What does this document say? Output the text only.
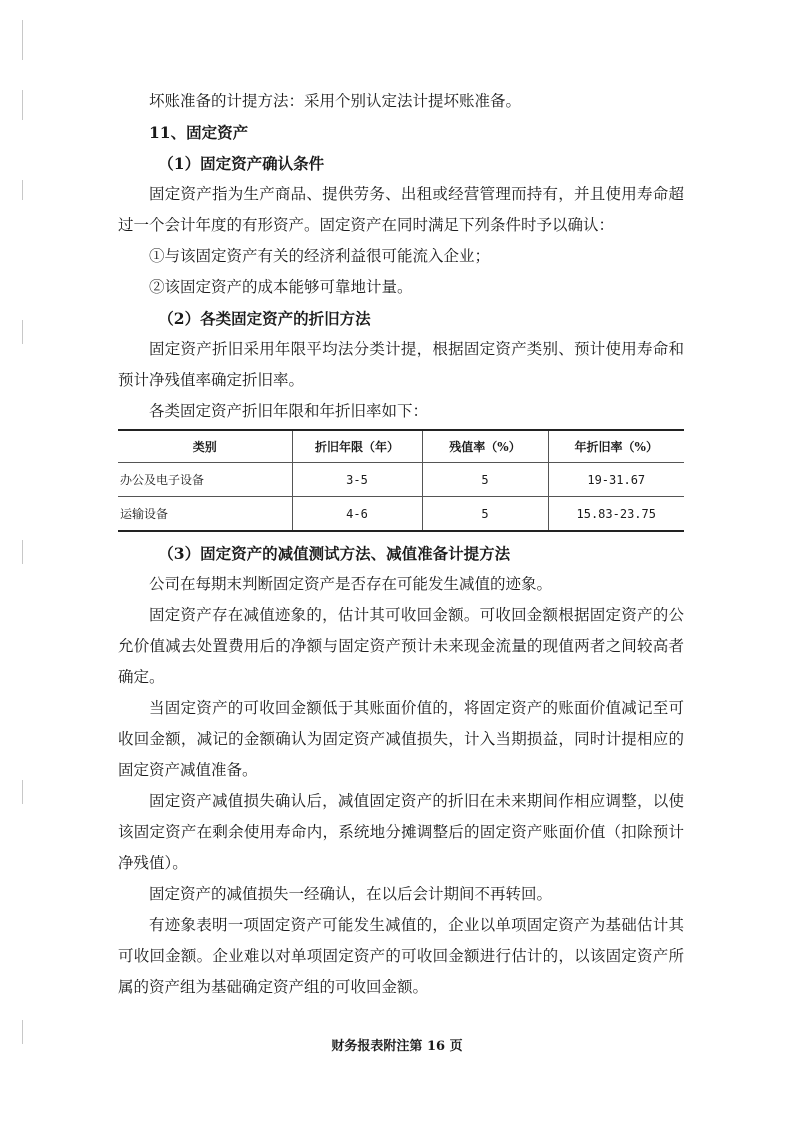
坏账准备的计提方法：采用个别认定法计提坏账准备。

11、固定资产

（1）固定资产确认条件

固定资产指为生产商品、提供劳务、出租或经营管理而持有，并且使用寿命超过一个会计年度的有形资产。固定资产在同时满足下列条件时予以确认：

①与该固定资产有关的经济利益很可能流入企业；

②该固定资产的成本能够可靠地计量。

（2）各类固定资产的折旧方法

固定资产折旧采用年限平均法分类计提，根据固定资产类别、预计使用寿命和预计净残值率确定折旧率。

各类固定资产折旧年限和年折旧率如下：

类别	折旧年限（年）	残值率（%）	年折旧率（%）
办公及电子设备	3-5	5	19-31.67
运输设备	4-6	5	15.83-23.75

（3）固定资产的减值测试方法、减值准备计提方法

公司在每期末判断固定资产是否存在可能发生减值的迹象。

固定资产存在减值迹象的，估计其可收回金额。可收回金额根据固定资产的公允价值减去处置费用后的净额与固定资产预计未来现金流量的现值两者之间较高者确定。

当固定资产的可收回金额低于其账面价值的，将固定资产的账面价值减记至可收回金额，减记的金额确认为固定资产减值损失，计入当期损益，同时计提相应的固定资产减值准备。

固定资产减值损失确认后，减值固定资产的折旧在未来期间作相应调整，以使该固定资产在剩余使用寿命内，系统地分摊调整后的固定资产账面价值（扣除预计净残值）。

固定资产的减值损失一经确认，在以后会计期间不再转回。

有迹象表明一项固定资产可能发生减值的，企业以单项固定资产为基础估计其可收回金额。企业难以对单项固定资产的可收回金额进行估计的，以该固定资产所属的资产组为基础确定资产组的可收回金额。

财务报表附注第 16 页
